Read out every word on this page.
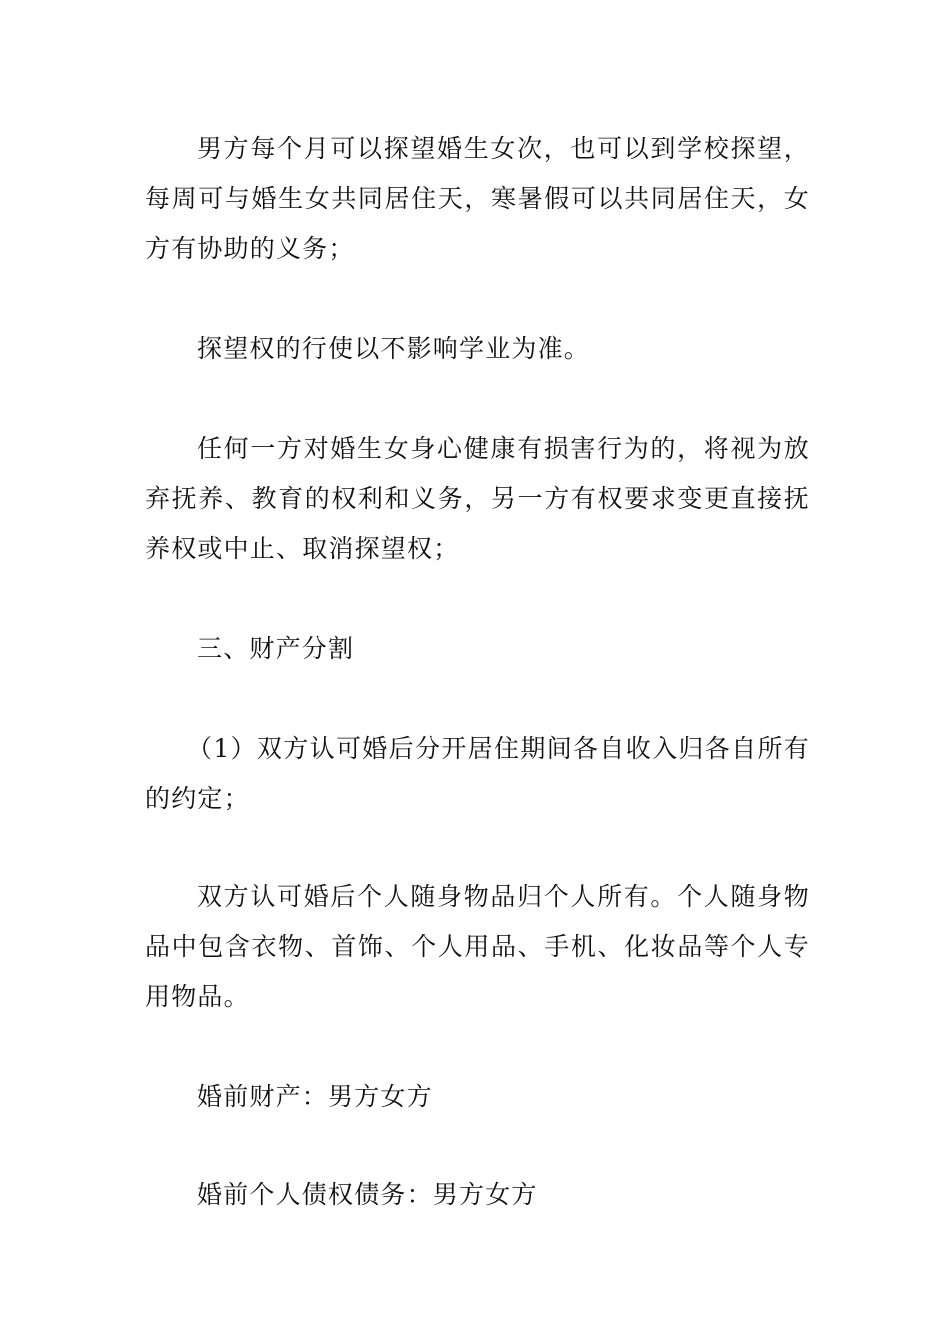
男方每个月可以探望婚生女次，也可以到学校探望，每周可与婚生女共同居住天，寒暑假可以共同居住天，女方有协助的义务；

探望权的行使以不影响学业为准。

任何一方对婚生女身心健康有损害行为的，将视为放弃抚养、教育的权利和义务，另一方有权要求变更直接抚养权或中止、取消探望权；

三、财产分割

（1）双方认可婚后分开居住期间各自收入归各自所有的约定；

双方认可婚后个人随身物品归个人所有。个人随身物品中包含衣物、首饰、个人用品、手机、化妆品等个人专用物品。

婚前财产：男方女方

婚前个人债权债务：男方女方
